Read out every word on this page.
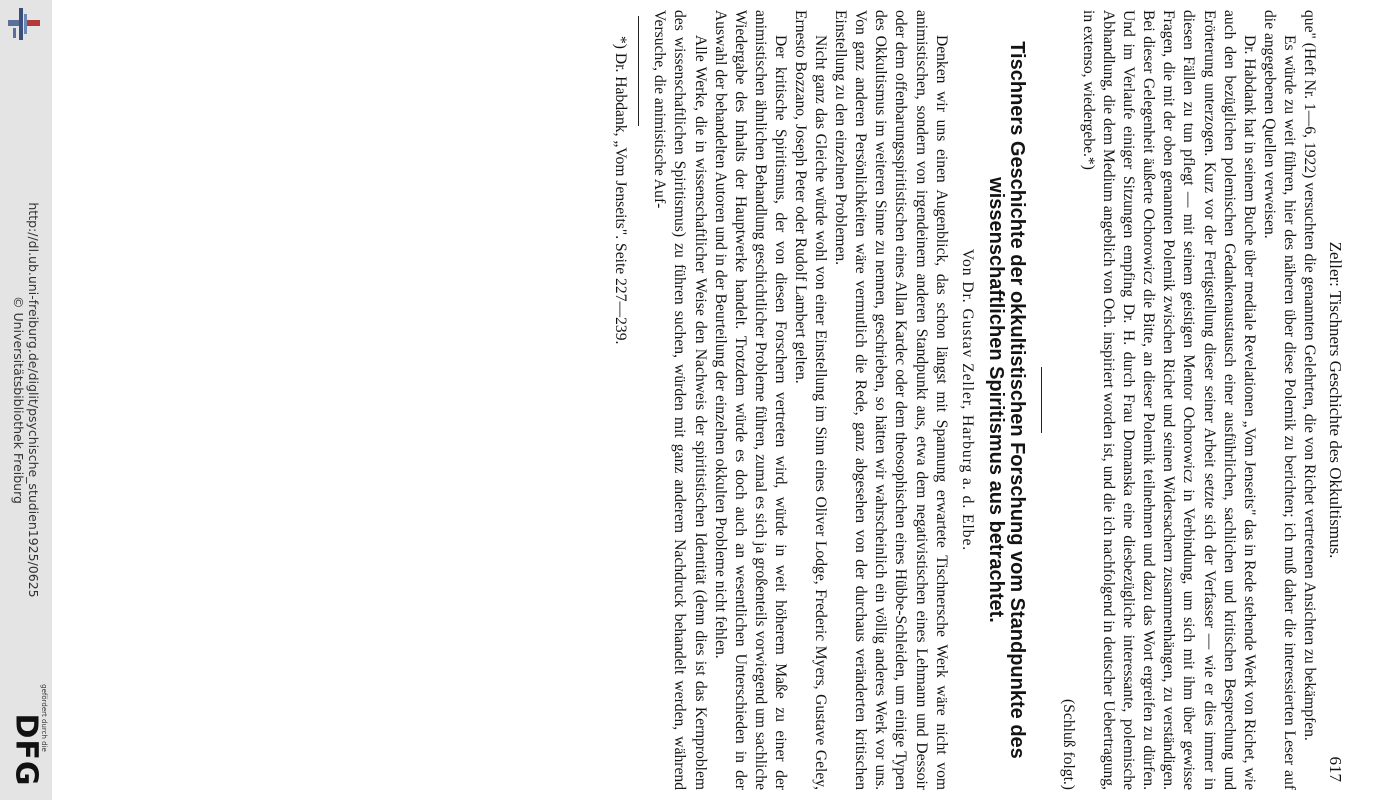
http://dl.ub.uni-freiburg.de/diglit/psychische_studien1925/0625
© Universitätsbibliothek Freiburg
gefördert durch die
DFG
Zeller: Tischners Geschichte des Okkultismus.
617

que" (Heft Nr. 1—6, 1922) versuchten die genannten Gelehrten, die von Richet vertretenen Ansichten zu bekämpfen.

Es würde zu weit führen, hier des näheren über diese Polemik zu berichten; ich muß daher die interessierten Leser auf die angegebenen Quellen verweisen.

Dr. Habdank hat in seinem Buche über mediale Revelationen „Vom Jenseits" das in Rede stehende Werk von Richet, wie auch den bezüglichen polemischen Gedankenaustausch einer ausführlichen, sachlichen und kritischen Besprechung und Erörterung unterzogen. Kurz vor der Fertigstellung dieser seiner Arbeit setzte sich der Verfasser — wie er dies immer in diesen Fällen zu tun pflegt — mit seinem geistigen Mentor Ochorowicz in Verbindung, um sich mit ihm über gewisse Fragen, die mit der oben genannten Polemik zwischen Richet und seinen Widersachern zusammenhängen, zu verständigen. Bei dieser Gelegenheit äußerte Ochorowicz die Bitte, an dieser Polemik teilnehmen und dazu das Wort ergreifen zu dürfen. Und im Verlaufe einiger Sitzungen empfing Dr. H. durch Frau Domanska eine diesbezügliche interessante, polemische Abhandlung, die dem Medium angeblich von Och. inspiriert worden ist, und die ich nachfolgend in deutscher Uebertragung, in extenso, wiedergebe.*)

(Schluß folgt.)

Tischners Geschichte der okkultistischen Forschung vom Standpunkte des wissenschaftlichen Spiritismus aus betrachtet.

Von Dr. Gustav Zeller, Harburg a. d. Elbe.

Denken wir uns einen Augenblick, das schon längst mit Spannung erwartete Tischnersche Werk wäre nicht vom animistischen, sondern von irgendeinem anderen Standpunkt aus, etwa dem negativistischen eines Lehmann und Dessoir oder dem offenbarungsspiritistischen eines Allan Kardec oder dem theosophischen eines Hübbe-Schleiden, um einige Typen des Okkultismus im weiteren Sinne zu nennen, geschrieben, so hätten wir wahrscheinlich ein völlig anderes Werk vor uns. Von ganz anderen Persönlichkeiten wäre vermutlich die Rede, ganz abgesehen von der durchaus veränderten kritischen Einstellung zu den einzelnen Problemen.

Nicht ganz das Gleiche würde wohl von einer Einstellung im Sinn eines Oliver Lodge, Frederic Myers, Gustave Geley, Ernesto Bozzano, Joseph Peter oder Rudolf Lambert gelten.

Der kritische Spiritismus, der von diesen Forschern vertreten wird, würde in weit höherem Maße zu einer der animistischen ähnlichen Behandlung geschichtlicher Probleme führen, zumal es sich ja großenteils vorwiegend um sachliche Wiedergabe des Inhalts der Hauptwerke handelt. Trotzdem würde es doch auch an wesentlichen Unterschieden in der Auswahl der behandelten Autoren und in der Beurteilung der einzelnen okkulten Probleme nicht fehlen.

Alle Werke, die in wissenschaftlicher Weise den Nachweis der spiritistischen Identität (denn dies ist das Kernproblem des wissenschaftlichen Spiritismus) zu führen suchen, würden mit ganz anderem Nachdruck behandelt werden, während Versuche, die animistische Auf-

*) Dr. Habdank, „Vom Jenseits". Seite 227—239.
